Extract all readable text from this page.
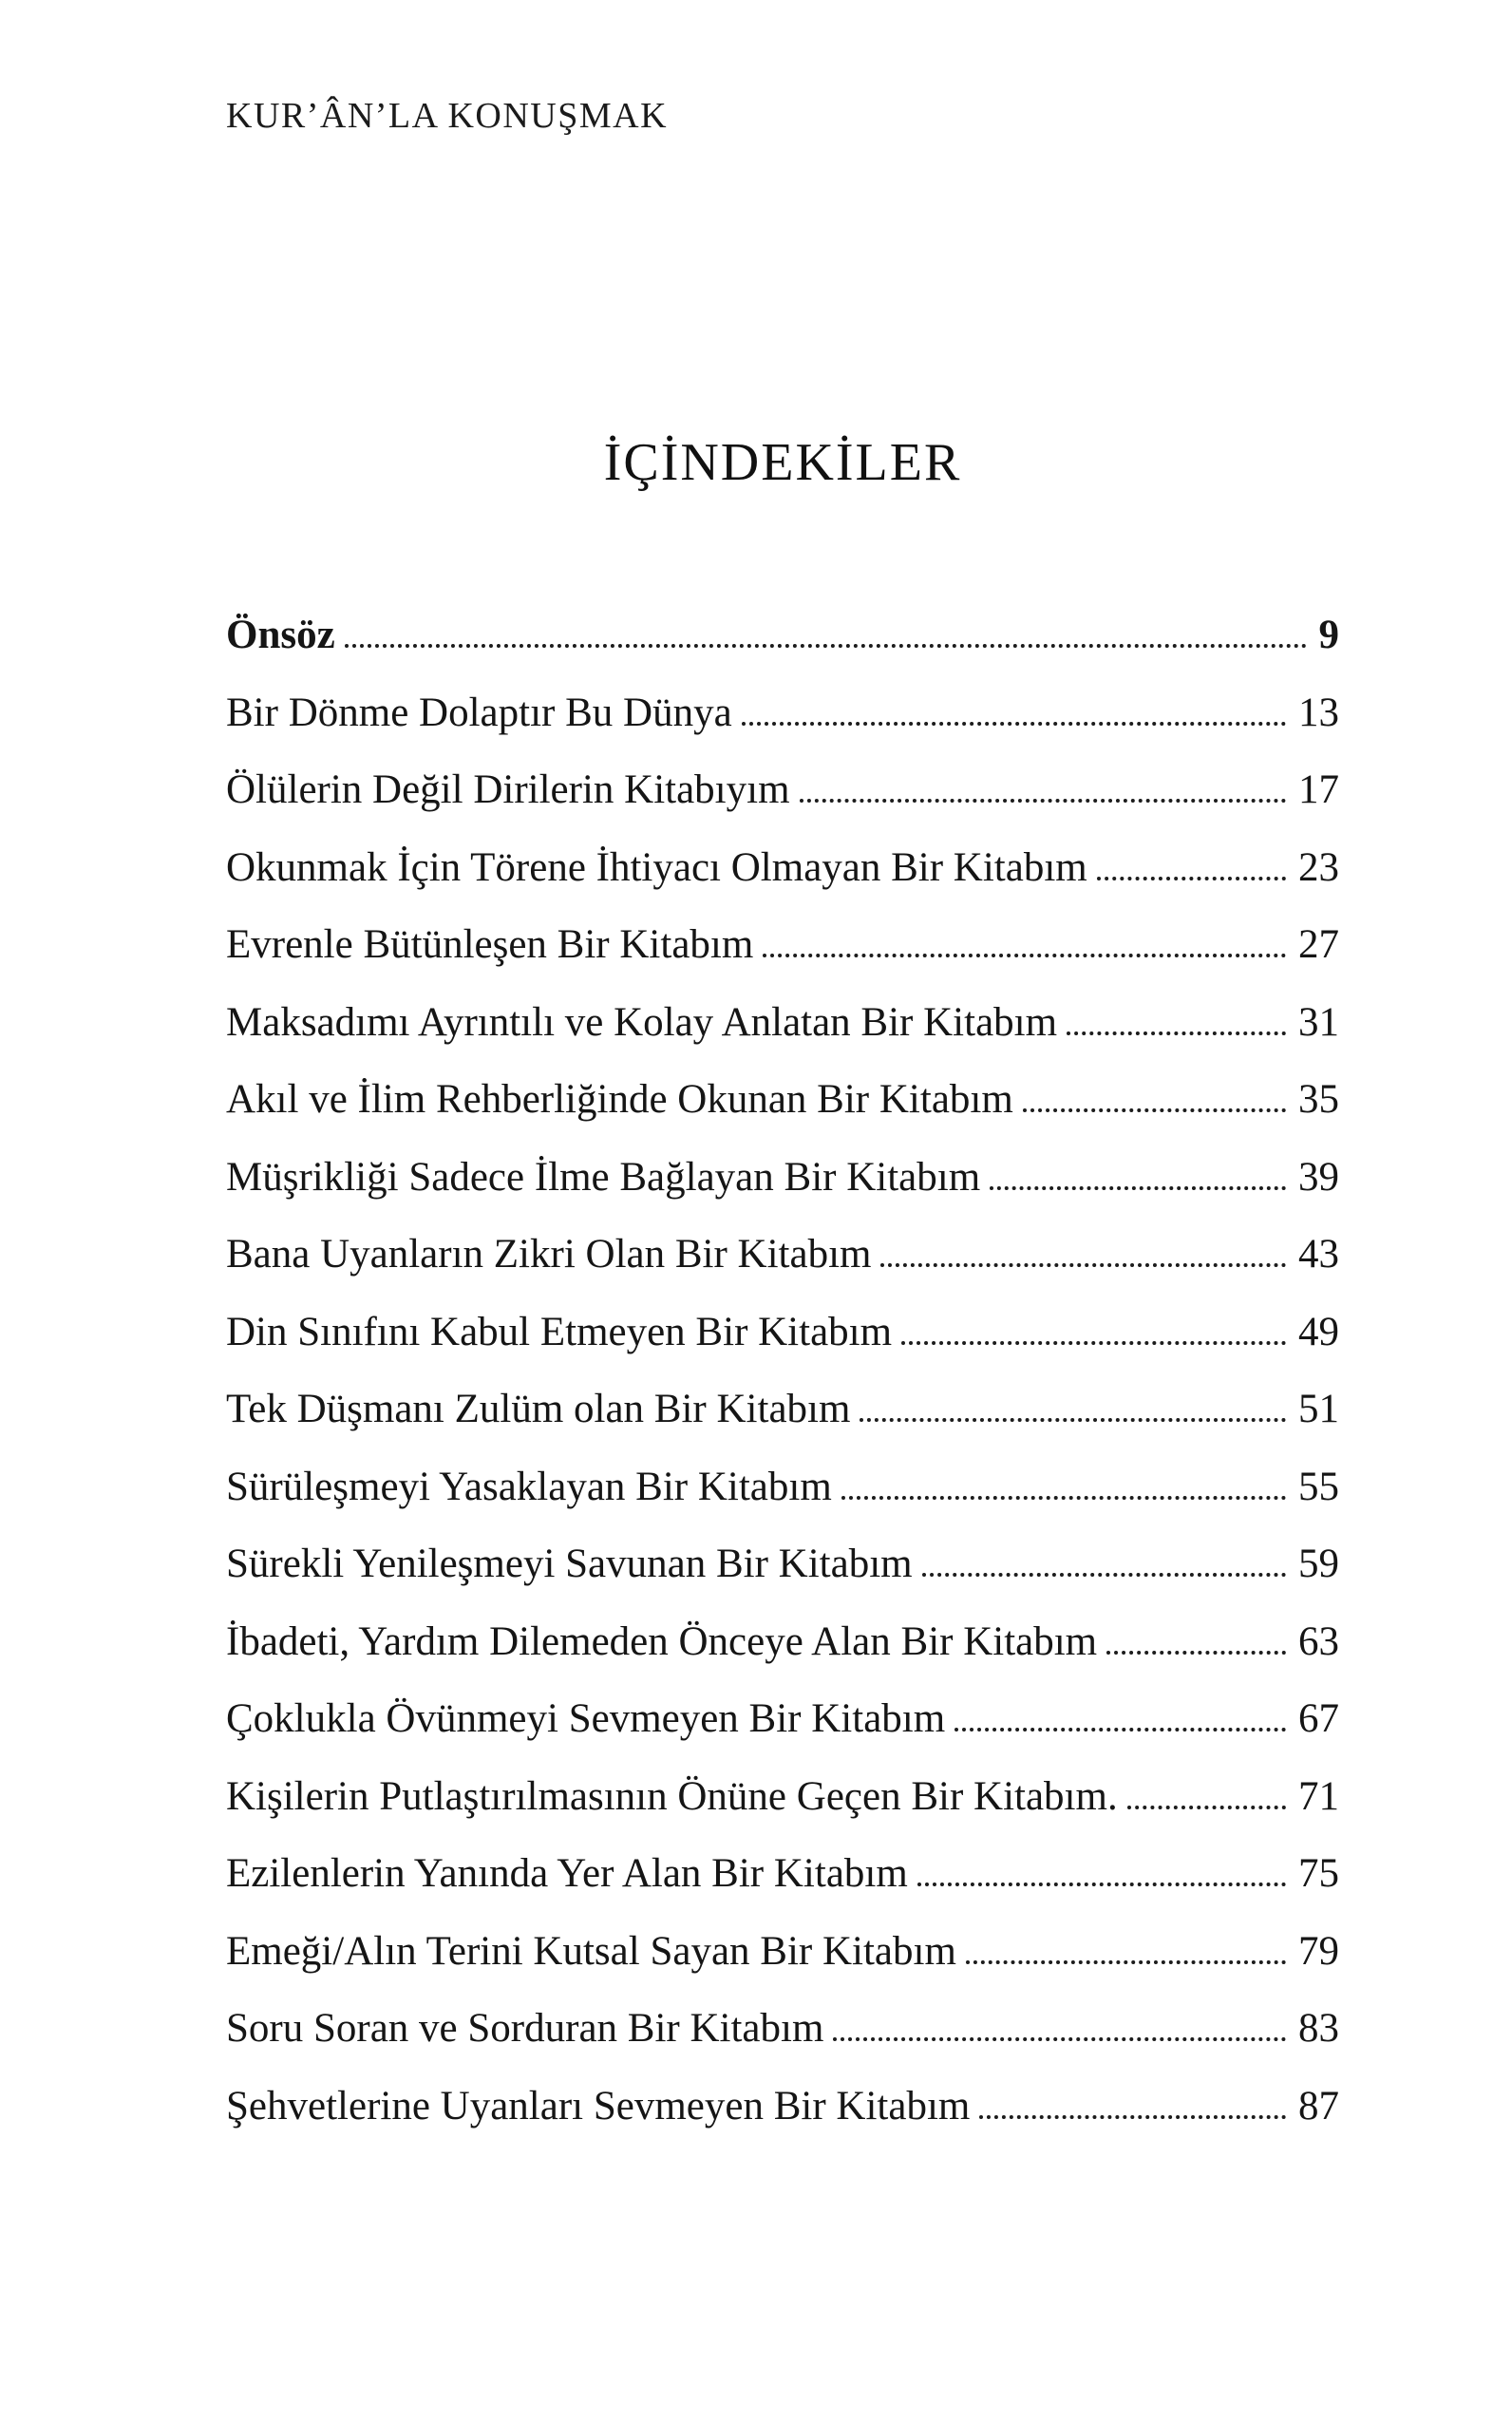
KUR’ÂN’LA KONUŞMAK
İÇİNDEKİLER
Önsöz	9
Bir Dönme Dolaptır Bu Dünya	13
Ölülerin Değil Dirilerin Kitabıyım	17
Okunmak İçin Törene İhtiyacı Olmayan Bir Kitabım	23
Evrenle Bütünleşen Bir Kitabım	27
Maksadımı Ayrıntılı ve Kolay Anlatan Bir Kitabım	31
Akıl ve İlim Rehberliğinde Okunan Bir Kitabım	35
Müşrikliği Sadece İlme Bağlayan Bir Kitabım	39
Bana Uyanların Zikri Olan Bir Kitabım	43
Din Sınıfını Kabul Etmeyen Bir Kitabım	49
Tek Düşmanı Zulüm olan Bir Kitabım	51
Sürüleşmeyi Yasaklayan Bir Kitabım	55
Sürekli Yenileşmeyi Savunan Bir Kitabım	59
İbadeti, Yardım Dilemeden Önceye Alan Bir Kitabım	63
Çoklukla Övünmeyi Sevmeyen Bir Kitabım	67
Kişilerin Putlaştırılmasının Önüne Geçen Bir Kitabım.	71
Ezilenlerin Yanında Yer Alan Bir Kitabım	75
Emeği/Alın Terini Kutsal Sayan Bir Kitabım	79
Soru Soran ve Sorduran Bir Kitabım	83
Şehvetlerine Uyanları Sevmeyen Bir Kitabım	87
